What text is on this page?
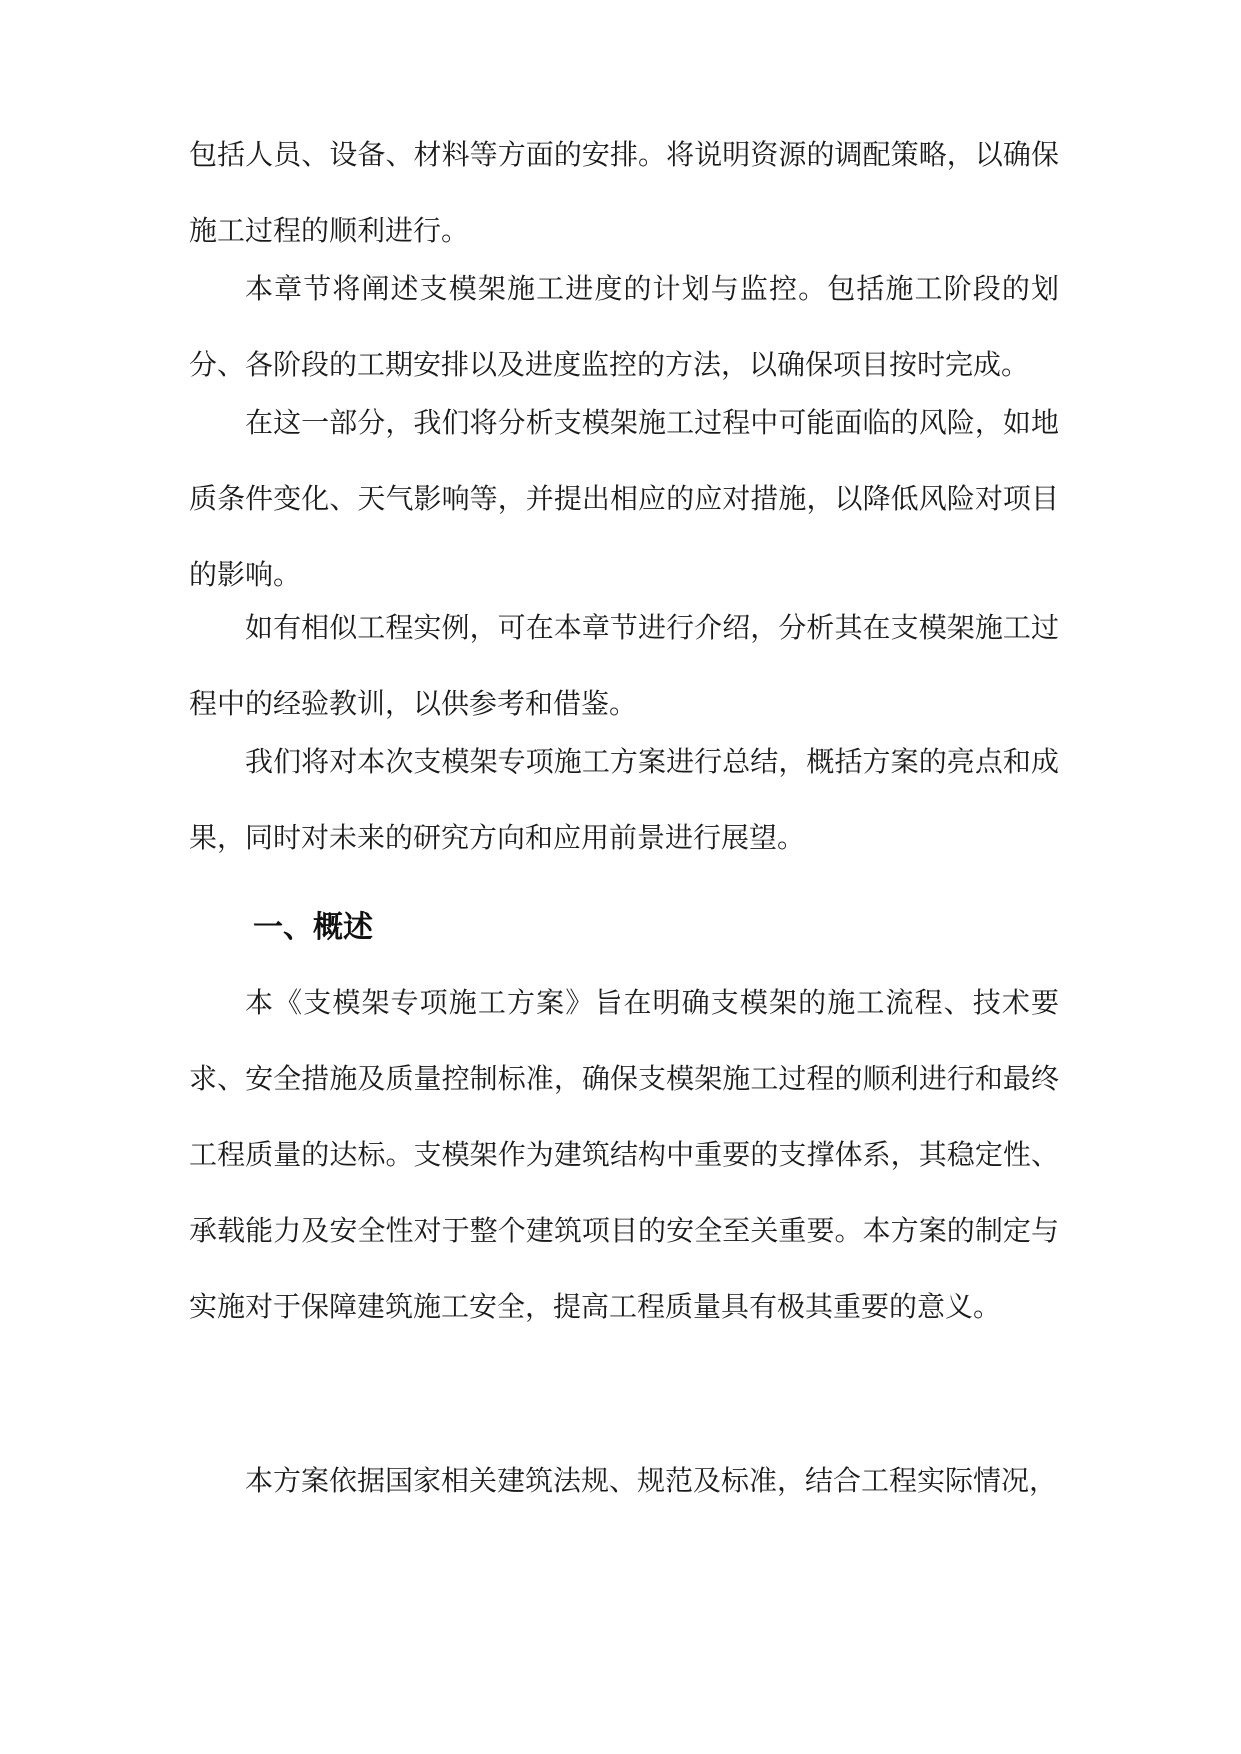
包括人员、设备、材料等方面的安排。将说明资源的调配策略，以确保施工过程的顺利进行。

本章节将阐述支模架施工进度的计划与监控。包括施工阶段的划分、各阶段的工期安排以及进度监控的方法，以确保项目按时完成。

在这一部分，我们将分析支模架施工过程中可能面临的风险，如地质条件变化、天气影响等，并提出相应的应对措施，以降低风险对项目的影响。

如有相似工程实例，可在本章节进行介绍，分析其在支模架施工过程中的经验教训，以供参考和借鉴。

我们将对本次支模架专项施工方案进行总结，概括方案的亮点和成果，同时对未来的研究方向和应用前景进行展望。

一、概述

本《支模架专项施工方案》旨在明确支模架的施工流程、技术要求、安全措施及质量控制标准，确保支模架施工过程的顺利进行和最终工程质量的达标。支模架作为建筑结构中重要的支撑体系，其稳定性、承载能力及安全性对于整个建筑项目的安全至关重要。本方案的制定与实施对于保障建筑施工安全，提高工程质量具有极其重要的意义。

本方案依据国家相关建筑法规、规范及标准，结合工程实际情况，
